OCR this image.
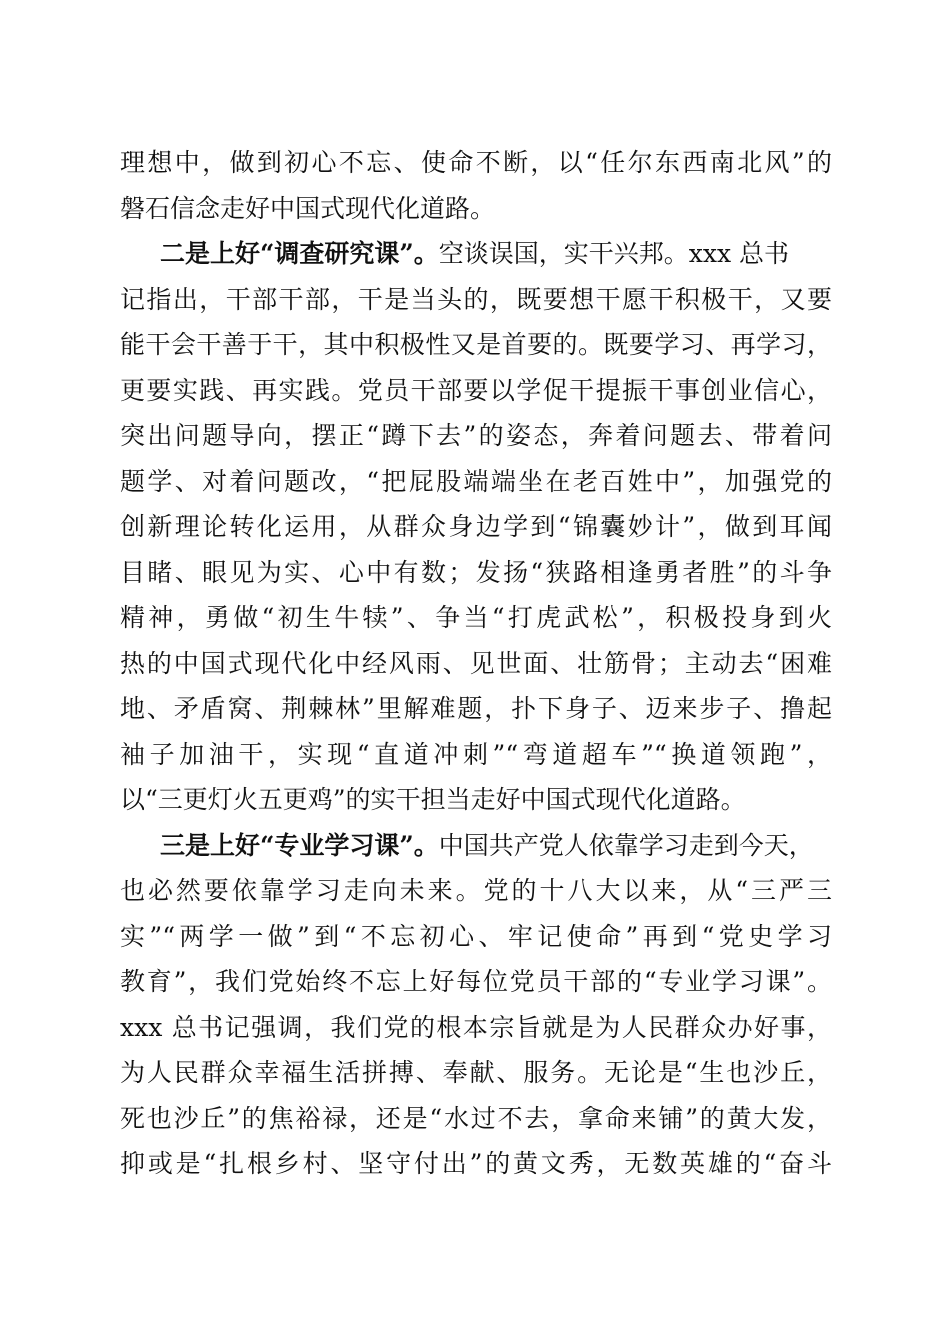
理想中，做到初心不忘、使命不断，以“任尔东西南北风”的
磐石信念走好中国式现代化道路。
二是上好“调查研究课”。空谈误国，实干兴邦。xxx 总书
记指出，干部干部，干是当头的，既要想干愿干积极干，又要
能干会干善于干，其中积极性又是首要的。既要学习、再学习，
更要实践、再实践。党员干部要以学促干提振干事创业信心，
突出问题导向，摆正“蹲下去”的姿态，奔着问题去、带着问
题学、对着问题改，“把屁股端端坐在老百姓中”，加强党的
创新理论转化运用，从群众身边学到“锦囊妙计”，做到耳闻
目睹、眼见为实、心中有数；发扬“狭路相逢勇者胜”的斗争
精神，勇做“初生牛犊”、争当“打虎武松”，积极投身到火
热的中国式现代化中经风雨、见世面、壮筋骨；主动去“困难
地、矛盾窝、荆棘林”里解难题，扑下身子、迈来步子、撸起
袖子加油干，实现“直道冲刺”“弯道超车”“换道领跑”，
以“三更灯火五更鸡”的实干担当走好中国式现代化道路。
三是上好“专业学习课”。中国共产党人依靠学习走到今天，
也必然要依靠学习走向未来。党的十八大以来，从“三严三
实”“两学一做”到“不忘初心、牢记使命”再到“党史学习
教育”，我们党始终不忘上好每位党员干部的“专业学习课”。
xxx 总书记强调，我们党的根本宗旨就是为人民群众办好事，
为人民群众幸福生活拼搏、奉献、服务。无论是“生也沙丘，
死也沙丘”的焦裕禄，还是“水过不去，拿命来铺”的黄大发，
抑或是“扎根乡村、坚守付出”的黄文秀，无数英雄的“奋斗
